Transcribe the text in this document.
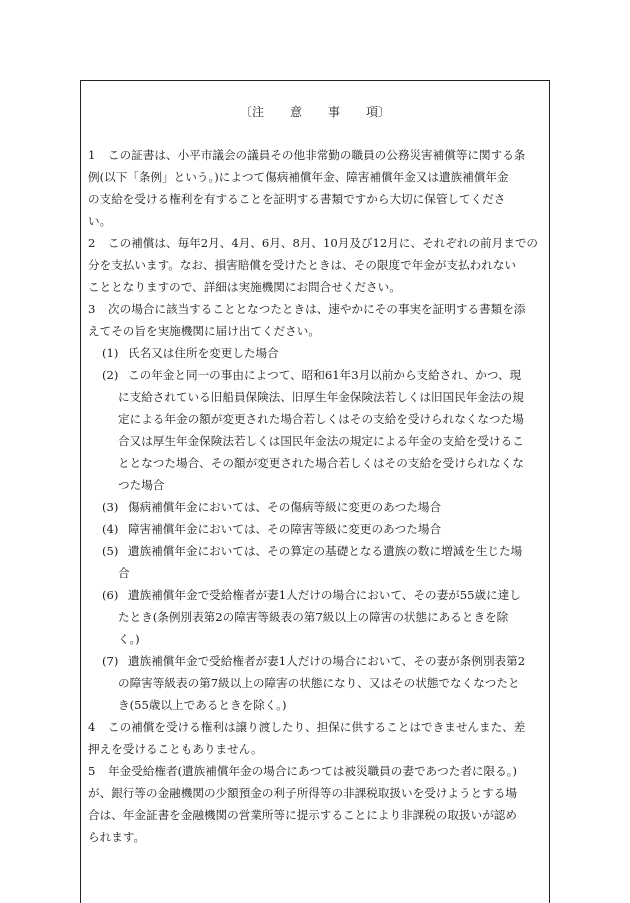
〔注 意 事 項〕
1 この証書は、小平市議会の議員その他非常勤の職員の公務災害補償等に関する条
例(以下「条例」という。)によつて傷病補償年金、障害補償年金又は遺族補償年金
の支給を受ける権利を有することを証明する書類ですから大切に保管してくださ
い。
2 この補償は、毎年2月、4月、6月、8月、10月及び12月に、それぞれの前月までの
分を支払います。なお、損害賠償を受けたときは、その限度で年金が支払われない
こととなりますので、詳細は実施機関にお問合せください。
3 次の場合に該当することとなつたときは、速やかにその事実を証明する書類を添
えてその旨を実施機関に届け出てください。
(1) 氏名又は住所を変更した場合
(2) この年金と同一の事由によつて、昭和61年3月以前から支給され、かつ、現
に支給されている旧船員保険法、旧厚生年金保険法若しくは旧国民年金法の規
定による年金の額が変更された場合若しくはその支給を受けられなくなつた場
合又は厚生年金保険法若しくは国民年金法の規定による年金の支給を受けるこ
ととなつた場合、その額が変更された場合若しくはその支給を受けられなくな
つた場合
(3) 傷病補償年金においては、その傷病等級に変更のあつた場合
(4) 障害補償年金においては、その障害等級に変更のあつた場合
(5) 遺族補償年金においては、その算定の基礎となる遺族の数に増減を生じた場
合
(6) 遺族補償年金で受給権者が妻1人だけの場合において、その妻が55歳に達し
たとき(条例別表第2の障害等級表の第7級以上の障害の状態にあるときを除
く。)
(7) 遺族補償年金で受給権者が妻1人だけの場合において、その妻が条例別表第2
の障害等級表の第7級以上の障害の状態になり、又はその状態でなくなつたと
き(55歳以上であるときを除く。)
4 この補償を受ける権利は譲り渡したり、担保に供することはできませんまた、差
押えを受けることもありません。
5 年金受給権者(遺族補償年金の場合にあつては被災職員の妻であつた者に限る。)
が、銀行等の金融機関の少額預金の利子所得等の非課税取扱いを受けようとする場
合は、年金証書を金融機関の営業所等に提示することにより非課税の取扱いが認め
られます。
